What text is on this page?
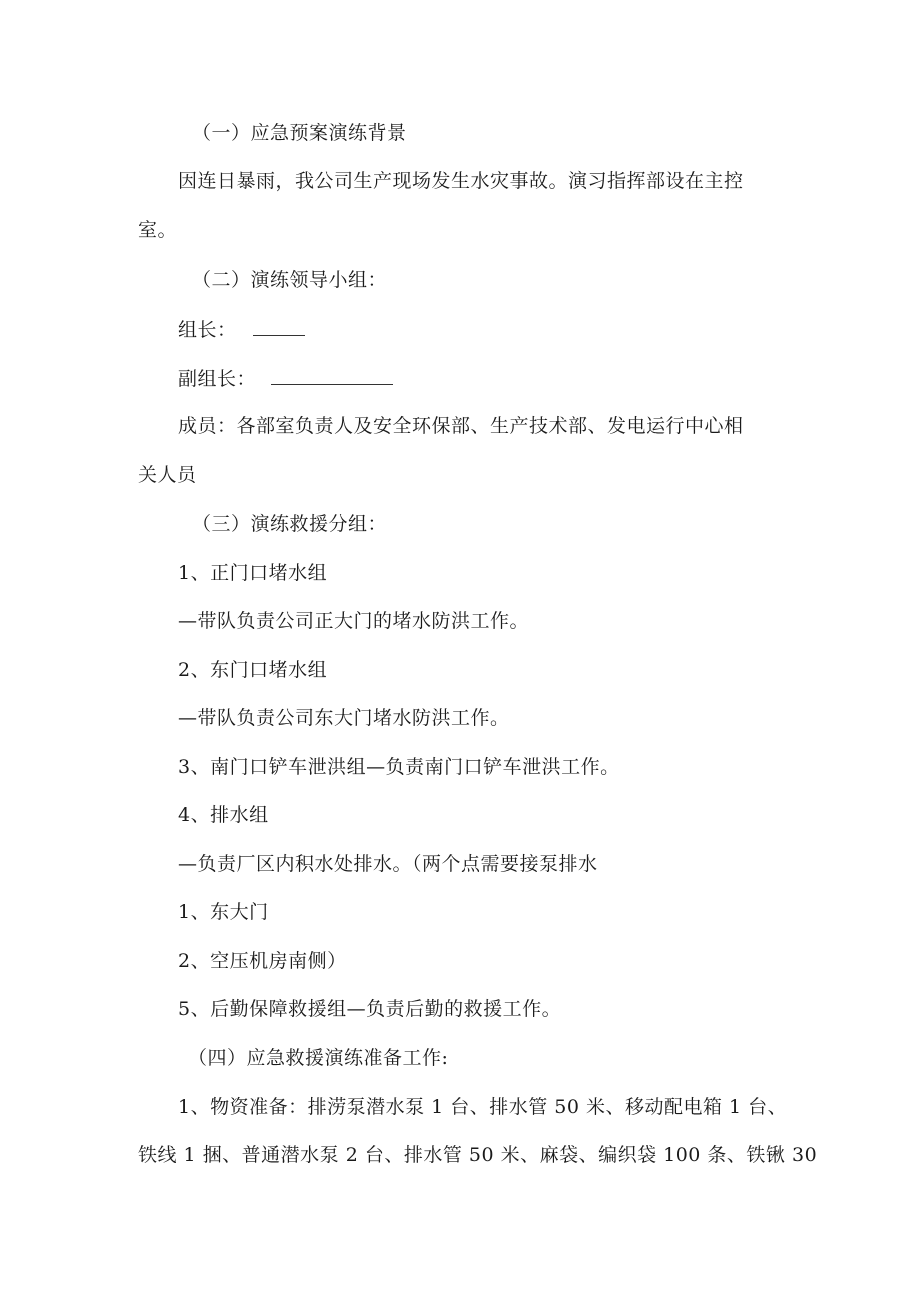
（一）应急预案演练背景
因连日暴雨，我公司生产现场发生水灾事故。演习指挥部设在主控
室。
（二）演练领导小组：
组长：
副组长：
成员：各部室负责人及安全环保部、生产技术部、发电运行中心相
关人员
（三）演练救援分组：
1、正门口堵水组
—带队负责公司正大门的堵水防洪工作。
2、东门口堵水组
—带队负责公司东大门堵水防洪工作。
3、南门口铲车泄洪组—负责南门口铲车泄洪工作。
4、排水组
—负责厂区内积水处排水。（两个点需要接泵排水
1、东大门
2、空压机房南侧）
5、后勤保障救援组—负责后勤的救援工作。
（四）应急救援演练准备工作:
1、物资准备：排涝泵潜水泵 1 台、排水管 50 米、移动配电箱 1 台、
铁线 1 捆、普通潜水泵 2 台、排水管 50 米、麻袋、编织袋 100 条、铁锹 30
